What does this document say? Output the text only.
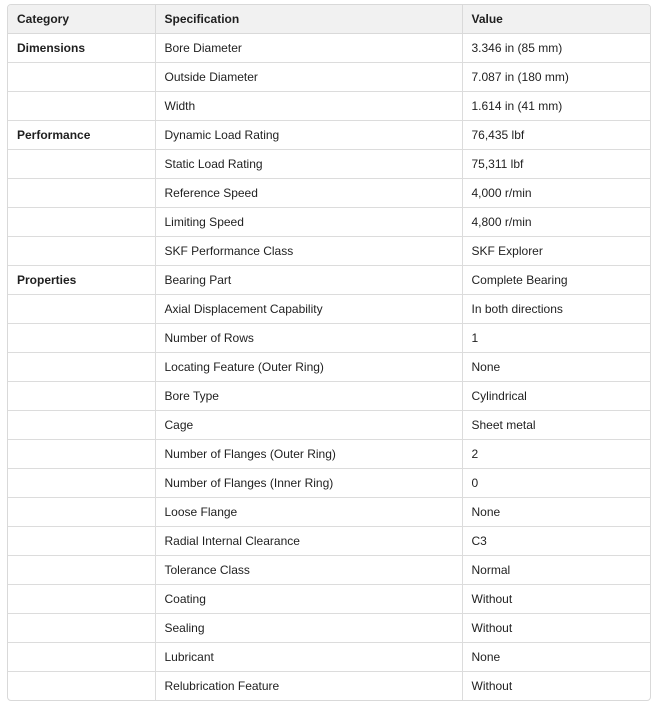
Category	Specification	Value
Dimensions	Bore Diameter	3.346 in (85 mm)
	Outside Diameter	7.087 in (180 mm)
	Width	1.614 in (41 mm)
Performance	Dynamic Load Rating	76,435 lbf
	Static Load Rating	75,311 lbf
	Reference Speed	4,000 r/min
	Limiting Speed	4,800 r/min
	SKF Performance Class	SKF Explorer
Properties	Bearing Part	Complete Bearing
	Axial Displacement Capability	In both directions
	Number of Rows	1
	Locating Feature (Outer Ring)	None
	Bore Type	Cylindrical
	Cage	Sheet metal
	Number of Flanges (Outer Ring)	2
	Number of Flanges (Inner Ring)	0
	Loose Flange	None
	Radial Internal Clearance	C3
	Tolerance Class	Normal
	Coating	Without
	Sealing	Without
	Lubricant	None
	Relubrication Feature	Without
